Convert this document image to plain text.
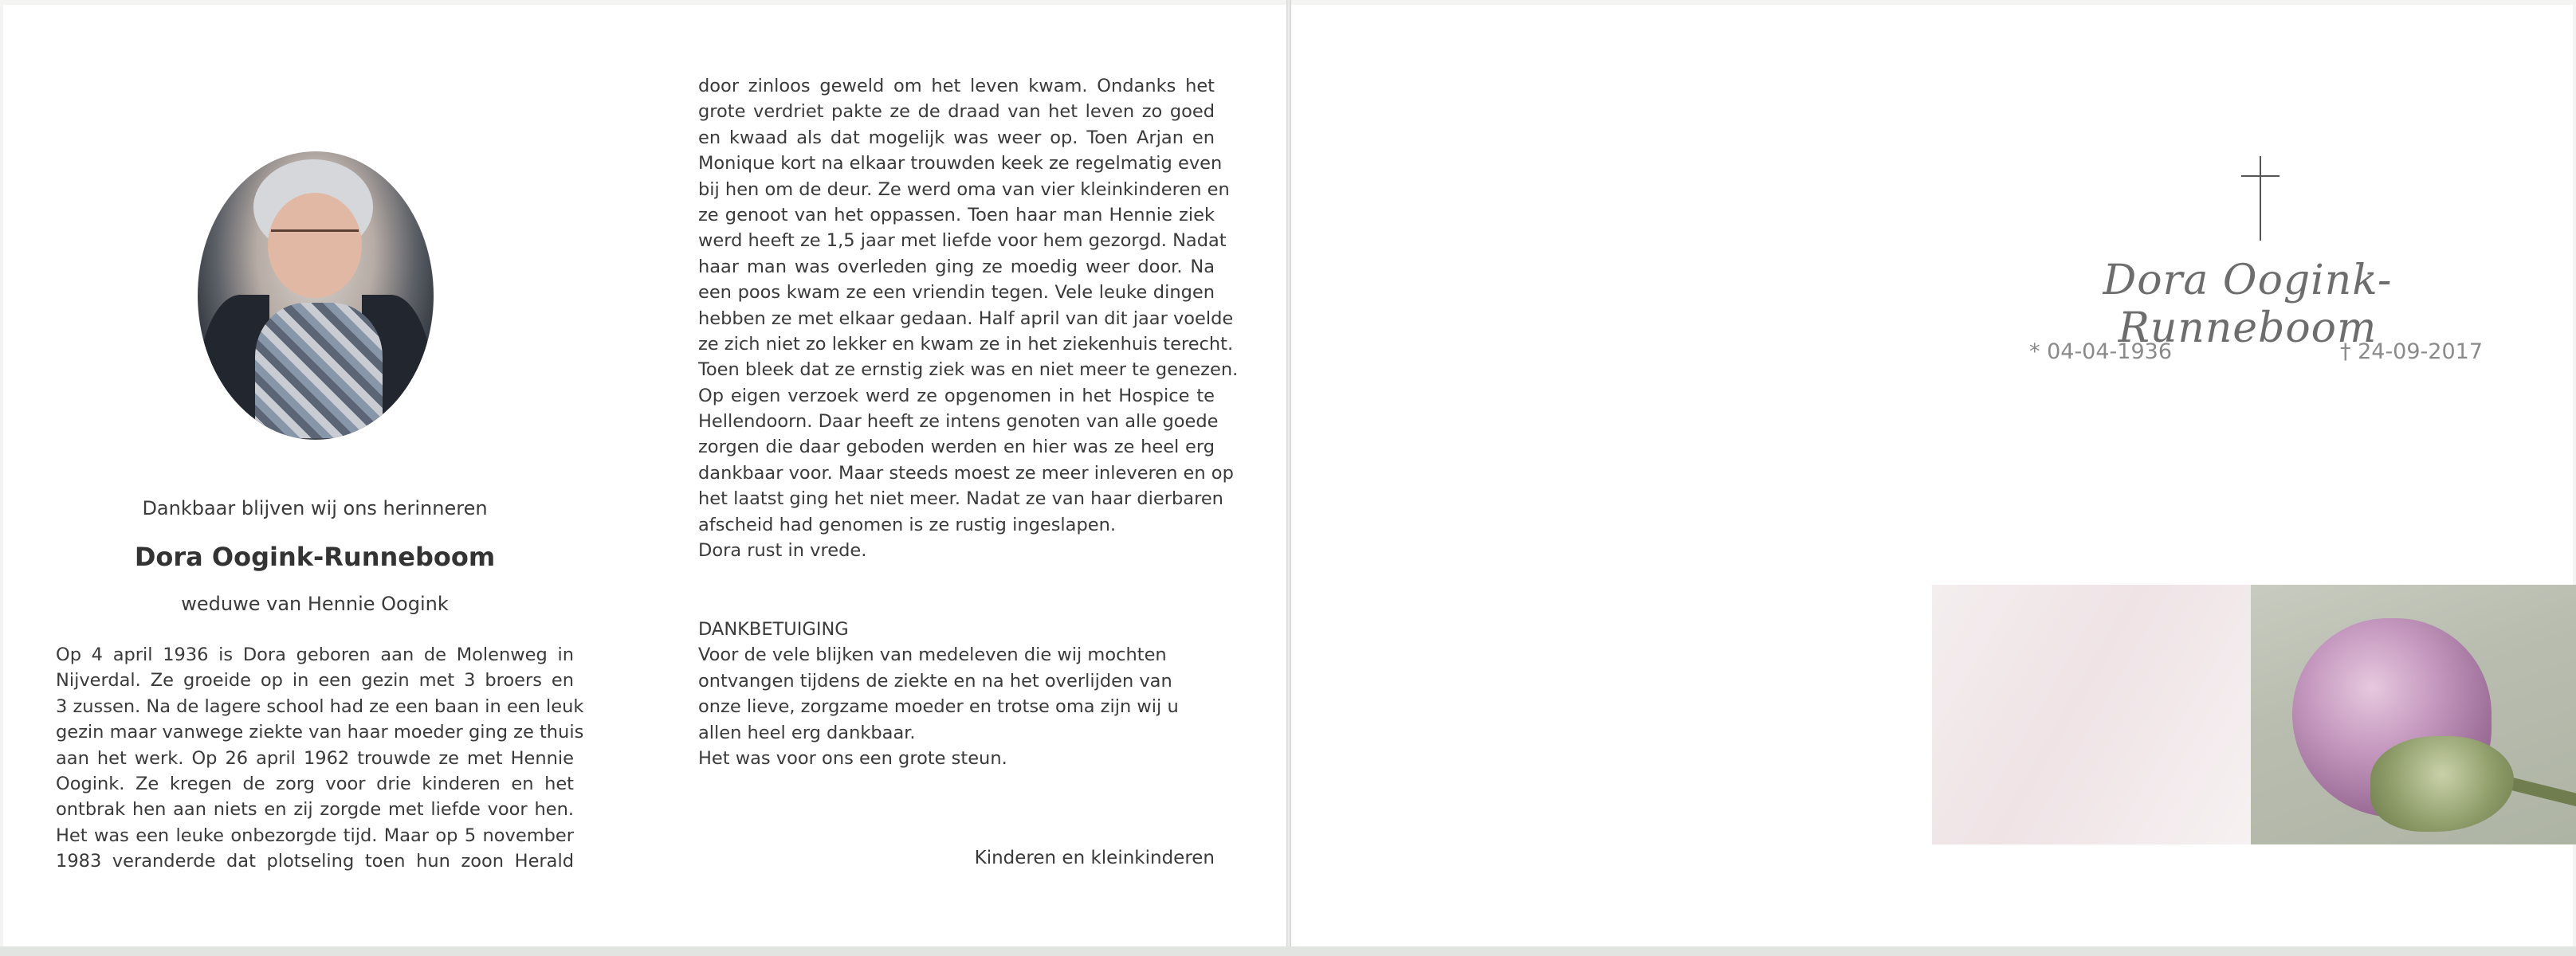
Dankbaar blijven wij ons herinneren
Dora Oogink-Runneboom
weduwe van Hennie Oogink
Op 4 april 1936 is Dora geboren aan de Molenweg in
Nijverdal. Ze groeide op in een gezin met 3 broers en
3 zussen. Na de lagere school had ze een baan in een leuk
gezin maar vanwege ziekte van haar moeder ging ze thuis
aan het werk. Op 26 april 1962 trouwde ze met Hennie
Oogink. Ze kregen de zorg voor drie kinderen en het
ontbrak hen aan niets en zij zorgde met liefde voor hen.
Het was een leuke onbezorgde tijd. Maar op 5 november
1983 veranderde dat plotseling toen hun zoon Herald
door zinloos geweld om het leven kwam. Ondanks het
grote verdriet pakte ze de draad van het leven zo goed
en kwaad als dat mogelijk was weer op. Toen Arjan en
Monique kort na elkaar trouwden keek ze regelmatig even
bij hen om de deur. Ze werd oma van vier kleinkinderen en
ze genoot van het oppassen. Toen haar man Hennie ziek
werd heeft ze 1,5 jaar met liefde voor hem gezorgd. Nadat
haar man was overleden ging ze moedig weer door. Na
een poos kwam ze een vriendin tegen. Vele leuke dingen
hebben ze met elkaar gedaan. Half april van dit jaar voelde
ze zich niet zo lekker en kwam ze in het ziekenhuis terecht.
Toen bleek dat ze ernstig ziek was en niet meer te genezen.
Op eigen verzoek werd ze opgenomen in het Hospice te
Hellendoorn. Daar heeft ze intens genoten van alle goede
zorgen die daar geboden werden en hier was ze heel erg
dankbaar voor. Maar steeds moest ze meer inleveren en op
het laatst ging het niet meer. Nadat ze van haar dierbaren
afscheid had genomen is ze rustig ingeslapen.
Dora rust in vrede.
DANKBETUIGING
Voor de vele blijken van medeleven die wij mochten
ontvangen tijdens de ziekte en na het overlijden van
onze lieve, zorgzame moeder en trotse oma zijn wij u
allen heel erg dankbaar.
Het was voor ons een grote steun.
Kinderen en kleinkinderen
Dora Oogink-Runneboom
* 04-04-1936	† 24-09-2017
